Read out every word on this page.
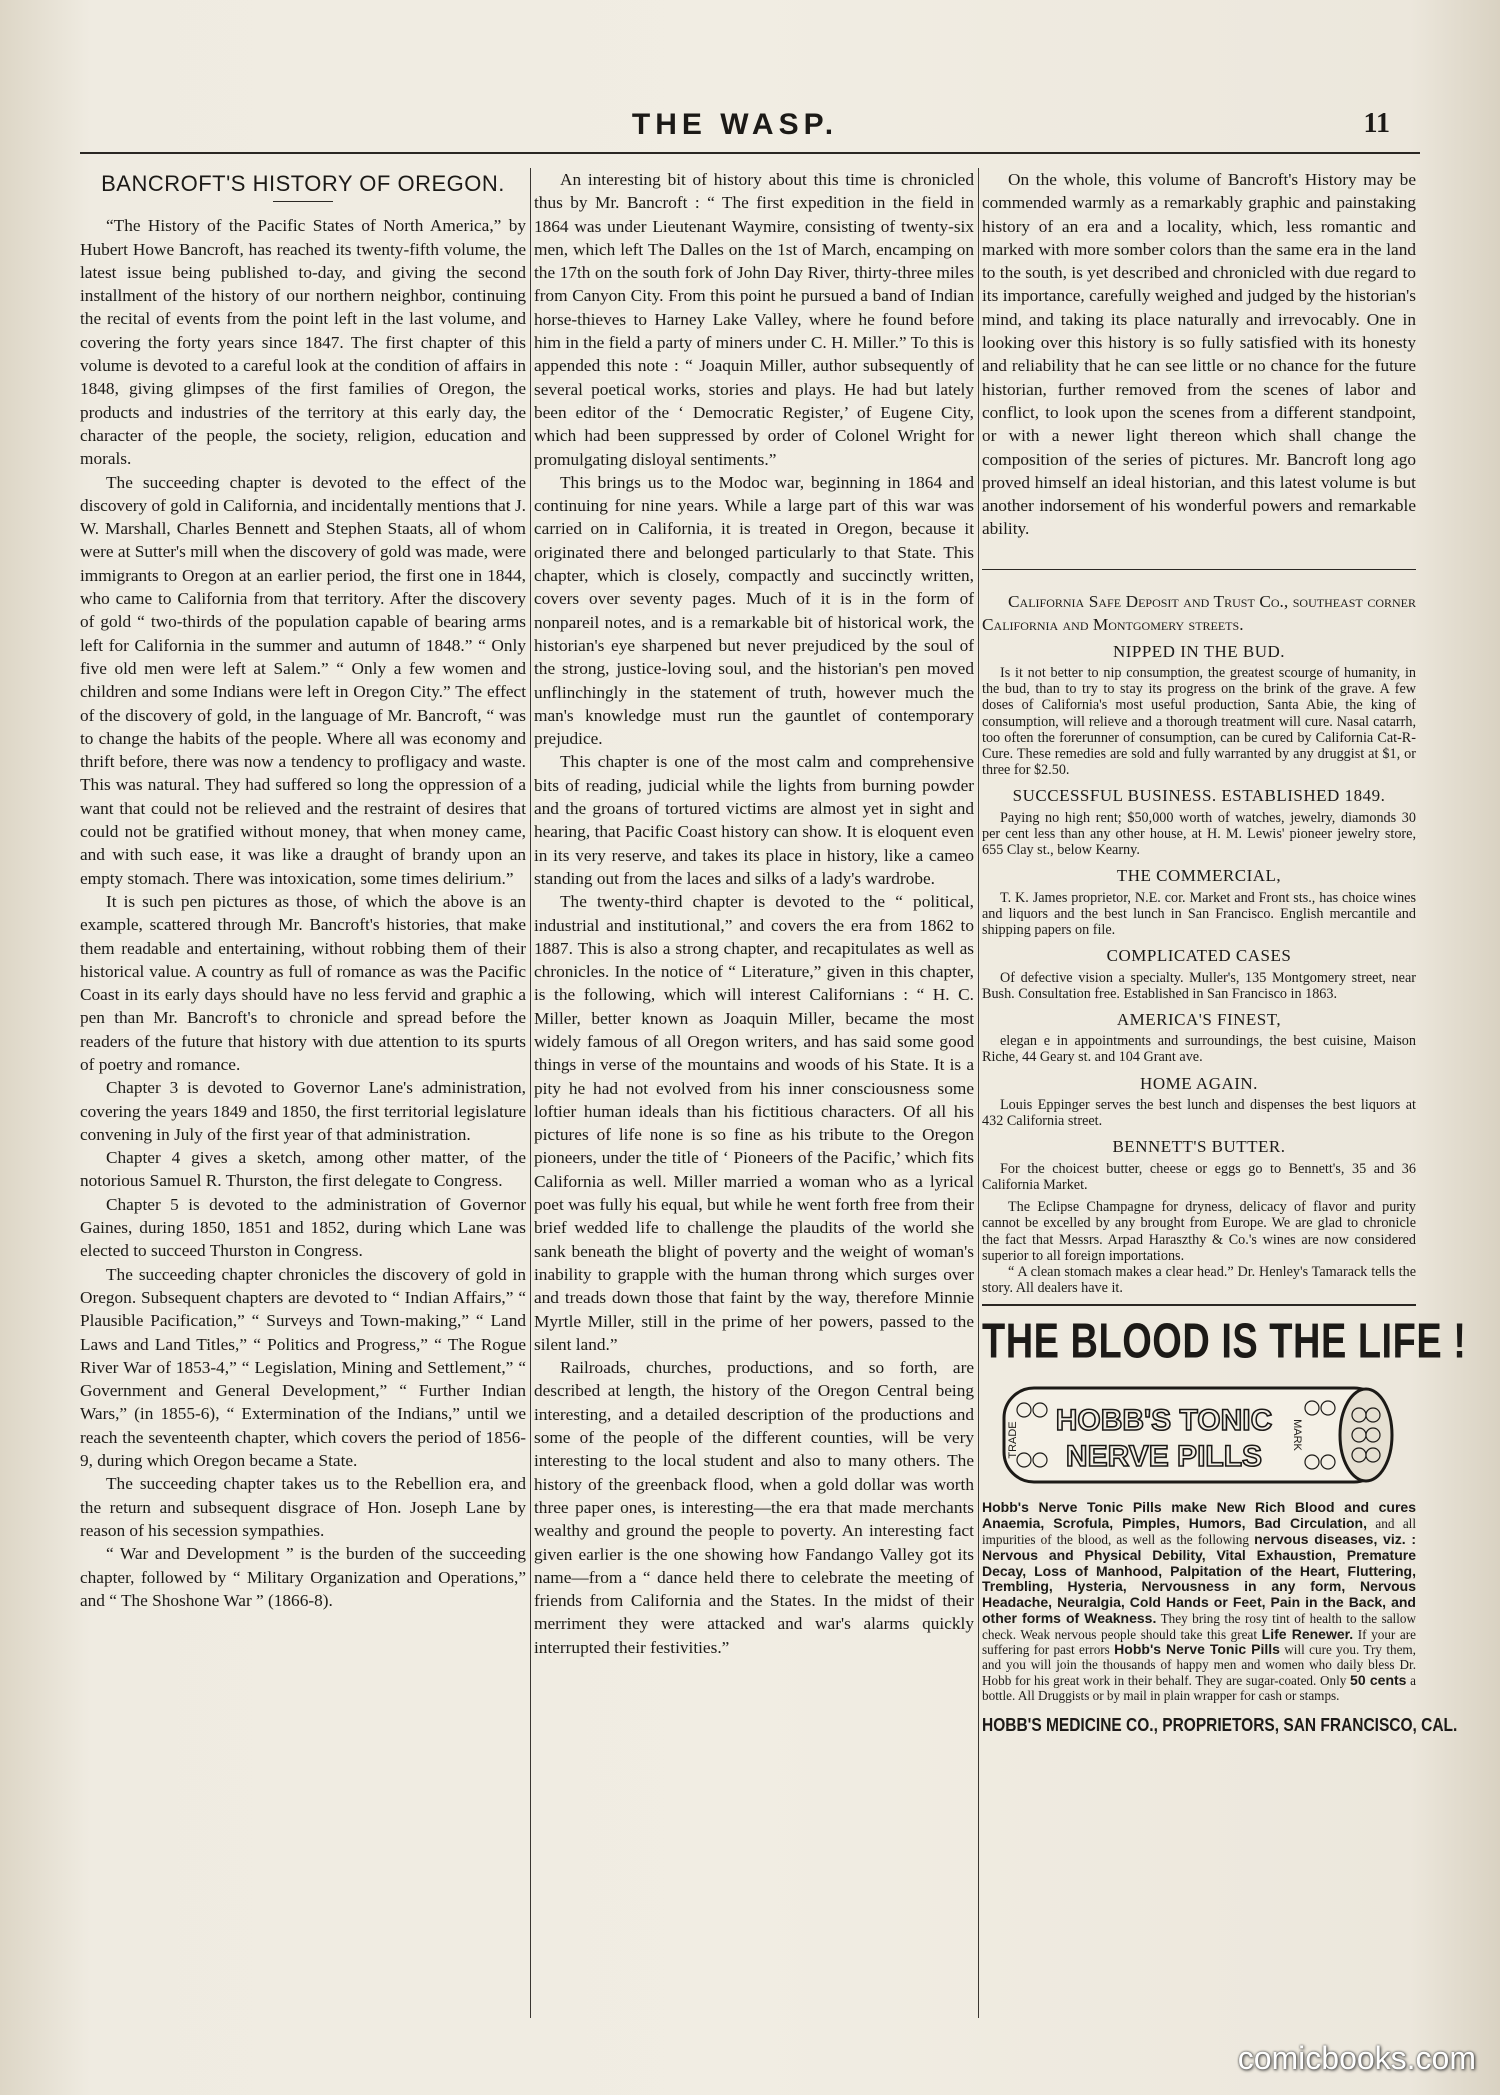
THE WASP.	11
BANCROFT'S HISTORY OF OREGON.

“The History of the Pacific States of North America,” by Hubert Howe Bancroft, has reached its twenty-fifth volume, the latest issue being published to-day, and giving the second installment of the history of our northern neighbor, continuing the recital of events from the point left in the last volume, and covering the forty years since 1847. The first chapter of this volume is devoted to a careful look at the condition of affairs in 1848, giving glimpses of the first families of Oregon, the products and industries of the territory at this early day, the character of the people, the society, religion, education and morals.

The succeeding chapter is devoted to the effect of the discovery of gold in California, and incidentally mentions that J. W. Marshall, Charles Bennett and Stephen Staats, all of whom were at Sutter's mill when the discovery of gold was made, were immigrants to Oregon at an earlier period, the first one in 1844, who came to California from that territory. After the discovery of gold “ two-thirds of the population capable of bearing arms left for California in the summer and autumn of 1848.” “ Only five old men were left at Salem.” “ Only a few women and children and some Indians were left in Oregon City.” The effect of the discovery of gold, in the language of Mr. Bancroft, “ was to change the habits of the people. Where all was economy and thrift before, there was now a tendency to profligacy and waste. This was natural. They had suffered so long the oppression of a want that could not be relieved and the restraint of desires that could not be gratified without money, that when money came, and with such ease, it was like a draught of brandy upon an empty stomach. There was intoxication, some times delirium.”

It is such pen pictures as those, of which the above is an example, scattered through Mr. Bancroft's histories, that make them readable and entertaining, without robbing them of their historical value. A country as full of romance as was the Pacific Coast in its early days should have no less fervid and graphic a pen than Mr. Bancroft's to chronicle and spread before the readers of the future that history with due attention to its spurts of poetry and romance.

Chapter 3 is devoted to Governor Lane's administration, covering the years 1849 and 1850, the first territorial legislature convening in July of the first year of that administration.

Chapter 4 gives a sketch, among other matter, of the notorious Samuel R. Thurston, the first delegate to Congress.

Chapter 5 is devoted to the administration of Governor Gaines, during 1850, 1851 and 1852, during which Lane was elected to succeed Thurston in Congress.

The succeeding chapter chronicles the discovery of gold in Oregon. Subsequent chapters are devoted to “ Indian Affairs,” “ Plausible Pacification,” “ Surveys and Town-making,” “ Land Laws and Land Titles,” “ Politics and Progress,” “ The Rogue River War of 1853-4,” “ Legislation, Mining and Settlement,” “ Government and General Development,” “ Further Indian Wars,” (in 1855-6), “ Extermination of the Indians,” until we reach the seventeenth chapter, which covers the period of 1856-9, during which Oregon became a State.

The succeeding chapter takes us to the Rebellion era, and the return and subsequent disgrace of Hon. Joseph Lane by reason of his secession sympathies.

“ War and Development ” is the burden of the succeeding chapter, followed by “ Military Organization and Operations,” and “ The Shoshone War ” (1866-8).

An interesting bit of history about this time is chronicled thus by Mr. Bancroft : “ The first expedition in the field in 1864 was under Lieutenant Waymire, consisting of twenty-six men, which left The Dalles on the 1st of March, encamping on the 17th on the south fork of John Day River, thirty-three miles from Canyon City. From this point he pursued a band of Indian horse-thieves to Harney Lake Valley, where he found before him in the field a party of miners under C. H. Miller.” To this is appended this note : “ Joaquin Miller, author subsequently of several poetical works, stories and plays. He had but lately been editor of the ‘ Democratic Register,’ of Eugene City, which had been suppressed by order of Colonel Wright for promulgating disloyal sentiments.”

This brings us to the Modoc war, beginning in 1864 and continuing for nine years. While a large part of this war was carried on in California, it is treated in Oregon, because it originated there and belonged particularly to that State. This chapter, which is closely, compactly and succinctly written, covers over seventy pages. Much of it is in the form of nonpareil notes, and is a remarkable bit of historical work, the historian's eye sharpened but never prejudiced by the soul of the strong, justice-loving soul, and the historian's pen moved unflinchingly in the statement of truth, however much the man's knowledge must run the gauntlet of contemporary prejudice.

This chapter is one of the most calm and comprehensive bits of reading, judicial while the lights from burning powder and the groans of tortured victims are almost yet in sight and hearing, that Pacific Coast history can show. It is eloquent even in its very reserve, and takes its place in history, like a cameo standing out from the laces and silks of a lady's wardrobe.

The twenty-third chapter is devoted to the “ political, industrial and institutional,” and covers the era from 1862 to 1887. This is also a strong chapter, and recapitulates as well as chronicles. In the notice of “ Literature,” given in this chapter, is the following, which will interest Californians : “ H. C. Miller, better known as Joaquin Miller, became the most widely famous of all Oregon writers, and has said some good things in verse of the mountains and woods of his State. It is a pity he had not evolved from his inner consciousness some loftier human ideals than his fictitious characters. Of all his pictures of life none is so fine as his tribute to the Oregon pioneers, under the title of ‘ Pioneers of the Pacific,’ which fits California as well. Miller married a woman who as a lyrical poet was fully his equal, but while he went forth free from their brief wedded life to challenge the plaudits of the world she sank beneath the blight of poverty and the weight of woman's inability to grapple with the human throng which surges over and treads down those that faint by the way, therefore Minnie Myrtle Miller, still in the prime of her powers, passed to the silent land.”

Railroads, churches, productions, and so forth, are described at length, the history of the Oregon Central being interesting, and a detailed description of the productions and some of the people of the different counties, will be very interesting to the local student and also to many others. The history of the greenback flood, when a gold dollar was worth three paper ones, is interesting—the era that made merchants wealthy and ground the people to poverty. An interesting fact given earlier is the one showing how Fandango Valley got its name—from a “ dance held there to celebrate the meeting of friends from California and the States. In the midst of their merriment they were attacked and war's alarms quickly interrupted their festivities.”

On the whole, this volume of Bancroft's History may be commended warmly as a remarkably graphic and painstaking history of an era and a locality, which, less romantic and marked with more somber colors than the same era in the land to the south, is yet described and chronicled with due regard to its importance, carefully weighed and judged by the historian's mind, and taking its place naturally and irrevocably. One in looking over this history is so fully satisfied with its honesty and reliability that he can see little or no chance for the future historian, further removed from the scenes of labor and conflict, to look upon the scenes from a different standpoint, or with a newer light thereon which shall change the composition of the series of pictures. Mr. Bancroft long ago proved himself an ideal historian, and this latest volume is but another indorsement of his wonderful powers and remarkable ability.

California Safe Deposit and Trust Co., southeast corner California and Montgomery streets.

NIPPED IN THE BUD.

Is it not better to nip consumption, the greatest scourge of humanity, in the bud, than to try to stay its progress on the brink of the grave. A few doses of California's most useful production, Santa Abie, the king of consumption, will relieve and a thorough treatment will cure. Nasal catarrh, too often the forerunner of consumption, can be cured by California Cat-R-Cure. These remedies are sold and fully warranted by any druggist at $1, or three for $2.50.

SUCCESSFUL BUSINESS. ESTABLISHED 1849.

Paying no high rent; $50,000 worth of watches, jewelry, diamonds 30 per cent less than any other house, at H. M. Lewis' pioneer jewelry store, 655 Clay st., below Kearny.

THE COMMERCIAL,

T. K. James proprietor, N.E. cor. Market and Front sts., has choice wines and liquors and the best lunch in San Francisco. English mercantile and shipping papers on file.

COMPLICATED CASES

Of defective vision a specialty. Muller's, 135 Montgomery street, near Bush. Consultation free. Established in San Francisco in 1863.

AMERICA'S FINEST,

elegan e in appointments and surroundings, the best cuisine, Maison Riche, 44 Geary st. and 104 Grant ave.

HOME AGAIN.

Louis Eppinger serves the best lunch and dispenses the best liquors at 432 California street.

BENNETT'S BUTTER.

For the choicest butter, cheese or eggs go to Bennett's, 35 and 36 California Market.

The Eclipse Champagne for dryness, delicacy of flavor and purity cannot be excelled by any brought from Europe. We are glad to chronicle the fact that Messrs. Arpad Haraszthy & Co.'s wines are now considered superior to all foreign importations.

“ A clean stomach makes a clear head.” Dr. Henley's Tamarack tells the story. All dealers have it.

THE BLOOD IS THE LIFE !
TRADE	MARK
HOBB'S TONIC
NERVE PILLS
Hobb's Nerve Tonic Pills make New Rich Blood and cures Anaemia, Scrofula, Pimples, Humors, Bad Circulation, and all impurities of the blood, as well as the following nervous diseases, viz. : Nervous and Physical Debility, Vital Exhaustion, Premature Decay, Loss of Manhood, Palpitation of the Heart, Fluttering, Trembling, Hysteria, Nervousness in any form, Nervous Headache, Neuralgia, Cold Hands or Feet, Pain in the Back, and other forms of Weakness. They bring the rosy tint of health to the sallow check. Weak nervous people should take this great Life Renewer. If your are suffering for past errors Hobb's Nerve Tonic Pills will cure you. Try them, and you will join the thousands of happy men and women who daily bless Dr. Hobb for his great work in their behalf. They are sugar-coated. Only 50 cents a bottle. All Druggists or by mail in plain wrapper for cash or stamps.
HOBB'S MEDICINE CO., PROPRIETORS, SAN FRANCISCO, CAL.
comicbooks.com
